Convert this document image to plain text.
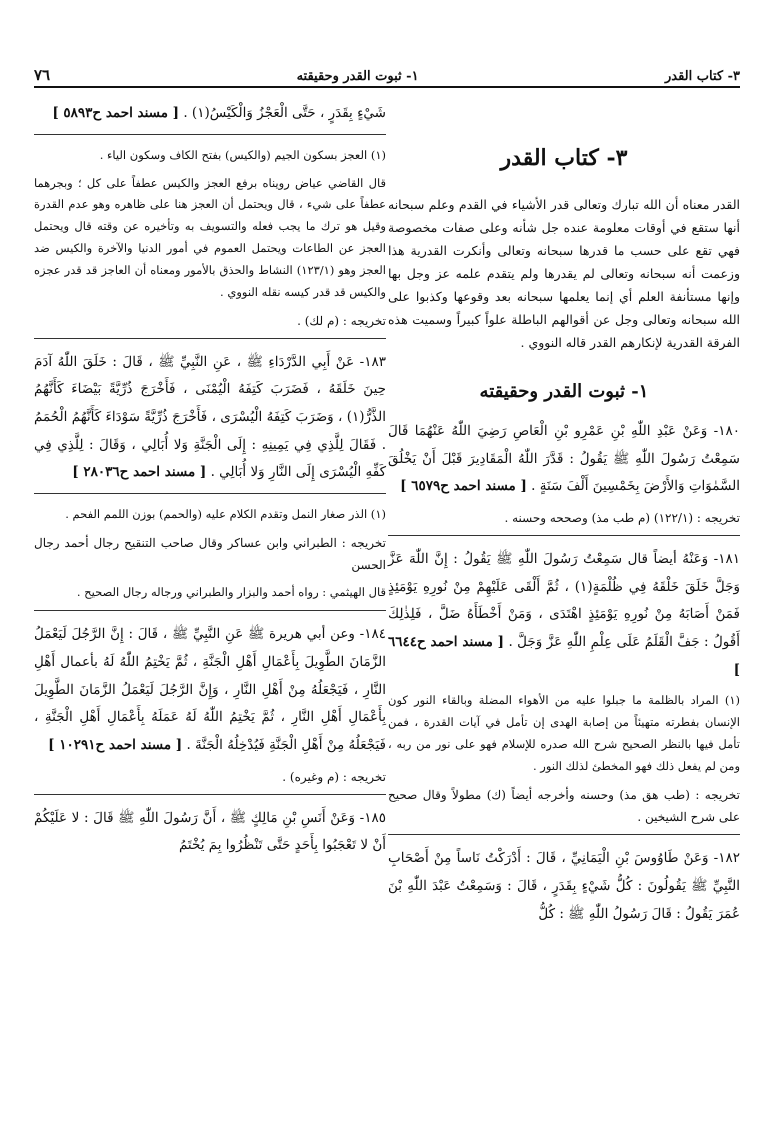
٣- كتاب القدر
١- ثبوت القدر وحقيقته
٧٦
٣- كتاب القدر

القدر معناه أن الله تبارك وتعالى قدر الأشياء في القدم وعلم سبحانه أنها ستقع في أوقات معلومة عنده جل شأنه وعلى صفات مخصوصة فهي تقع على حسب ما قدرها سبحانه وتعالى وأنكرت القدرية هذا وزعمت أنه سبحانه وتعالى لم يقدرها ولم يتقدم علمه عز وجل بها وإنها مستأنفة العلم أي إنما يعلمها سبحانه بعد وقوعها وكذبوا على الله سبحانه وتعالى وجل عن أقوالهم الباطلة علواً كبيراً وسميت هذه الفرقة القدرية لإنكارهم القدر قاله النووي .

١- ثبوت القدر وحقيقته

١٨٠- وَعَنْ عَبْدِ اللّٰهِ بْنِ عَمْرِو بْنِ الْعَاصِ رَضِيَ اللّٰهُ عَنْهُمَا قَالَ سَمِعْتُ رَسُولَ اللّٰهِ ﷺ يَقُولُ : قَدَّرَ اللّٰهُ الْمَقَادِيرَ قَبْلَ أَنْ يَخْلُقَ السَّمٰوَاتِ وَالأَرْضَ بِخَمْسِينَ أَلْفَ سَنَةٍ . [ مسند احمد ح٦٥٧٩ ]

تخريجه : (١٢٢/١) (م طب مذ) وصححه وحسنه .

١٨١- وَعَنْهُ أيضاً قال سَمِعْتُ رَسُولَ اللّٰهِ ﷺ يَقُولُ : إِنَّ اللّٰهَ عَزَّ وَجَلَّ خَلَقَ خَلْقَهُ فِي ظُلْمَةٍ(١) ، ثُمَّ أَلْقَى عَلَيْهِمْ مِنْ نُورِهِ يَوْمَئِذٍ فَمَنْ أَصَابَهُ مِنْ نُورِهِ يَوْمَئِذٍ اهْتَدَى ، وَمَنْ أَخْطَأَهُ ضَلَّ ، فَلِذٰلِكَ أَقُولُ : جَفَّ الْقَلَمُ عَلَى عِلْمِ اللّٰهِ عَزَّ وَجَلَّ . [ مسند احمد ح٦٦٤٤ ]

(١) المراد بالظلمة ما جبلوا عليه من الأهواء المضلة وبالقاء النور كون الإنسان بفطرته متهيئاً من إصابة الهدى إن تأمل في آيات القدرة ، فمن تأمل فيها بالنظر الصحيح شرح الله صدره للإسلام فهو على نور من ربه ، ومن لم يفعل ذلك فهو المخطئ لذلك النور .

تخريجه : (طب هق مذ) وحسنه وأخرجه أيضاً (ك) مطولاً وقال صحيح على شرح الشيخين .

١٨٢- وَعَنْ طَاوُوسَ بْنِ الْيَمَانِيِّ ، قَالَ : أَدْرَكْتُ نَاساً مِنْ أَصْحَابِ النَّبِيِّ ﷺ يَقُولُونَ : كُلُّ شَيْءٍ بِقَدَرٍ ، قَالَ : وَسَمِعْتُ عَبْدَ اللّٰهِ بْنَ عُمَرَ يَقُولُ : قَالَ رَسُولُ اللّٰهِ ﷺ : كُلُّ

شَيْءٍ بِقَدَرٍ ، حَتَّى الْعَجْزُ وَالْكَيْسُ(١) . [ مسند احمد ح٥٨٩٣ ]

(١) العجز بسكون الجيم (والكيس) بفتح الكاف وسكون الياء .

قال القاضي عياض رويناه برفع العجز والكيس عطفاً على كل ؛ وبجرهما عطفاً على شيء ، قال ويحتمل أن العجز هنا على ظاهره وهو عدم القدرة وقيل هو ترك ما يجب فعله والتسويف به وتأخيره عن وقته قال ويحتمل العجز عن الطاعات ويحتمل العموم في أمور الدنيا والآخرة والكيس ضد العجز وهو (١٢٣/١) النشاط والحذق بالأمور ومعناه أن العاجز قد قدر عجزه والكيس قد قدر كيسه نقله النووي .

تخريجه : (م لك) .

١٨٣- عَنْ أَبِي الدَّرْدَاءِ ﷺ ، عَنِ النَّبِيِّ ﷺ ، قَالَ : خَلَقَ اللّٰهُ آدَمَ حِينَ خَلَقَهُ ، فَضَرَبَ كَتِفَهُ الْيُمْنَى ، فَأَخْرَجَ ذُرِّيَّةً بَيْضَاءَ كَأَنَّهُمُ الذَّرُّ(١) ، وَضَرَبَ كَتِفَهُ الْيُسْرَى ، فَأَخْرَجَ ذُرِّيَّةً سَوْدَاءَ كَأَنَّهُمُ الْحُمَمُ . فَقَالَ لِلَّذِي فِي يَمِينِهِ : إِلَى الْجَنَّةِ وَلا أُبَالِي ، وَقَالَ : لِلَّذِي فِي كَفِّهِ الْيُسْرَى إِلَى النَّارِ وَلا أُبَالِي . [ مسند احمد ح٢٨٠٣٦ ]

(١) الذر صغار النمل وتقدم الكلام عليه (والحمم) بوزن اللمم الفحم .

تخريجه : الطبراني وابن عساكر وقال صاحب التنقيح رجال أحمد رجال الحسن

قال الهيثمي : رواه أحمد والبزار والطبراني ورجاله رجال الصحيح .

١٨٤- وعن أبي هريرة ﷺ عَنِ النَّبِيِّ ﷺ ، قَالَ : إِنَّ الرَّجُلَ لَيَعْمَلُ الزَّمَانَ الطَّوِيلَ بِأَعْمَالِ أَهْلِ الْجَنَّةِ ، ثُمَّ يَخْتِمُ اللّٰهُ لَهُ بأعمال أَهْلِ النَّارِ ، فَيَجْعَلُهُ مِنْ أَهْلِ النَّارِ ، وَإِنَّ الرَّجُلَ لَيَعْمَلُ الزَّمَانَ الطَّوِيلَ بِأَعْمَالِ أَهْلِ النَّارِ ، ثُمَّ يَخْتِمُ اللّٰهُ لَهُ عَمَلَهُ بِأَعْمَالِ أَهْلِ الْجَنَّةِ ، فَيَجْعَلُهُ مِنْ أَهْلِ الْجَنَّةِ فَيُدْخِلُهُ الْجَنَّةَ . [ مسند احمد ح١٠٢٩١ ]

تخريجه : (م وغيره) .

١٨٥- وَعَنْ أَنَسِ بْنِ مَالِكٍ ﷺ ، أَنَّ رَسُولَ اللّٰهِ ﷺ قَالَ : لا عَلَيْكُمْ أَنْ لا تَعْجَبُوا بِأَحَدٍ حَتَّى تَنْظُرُوا بِمَ يُخْتَمُ
